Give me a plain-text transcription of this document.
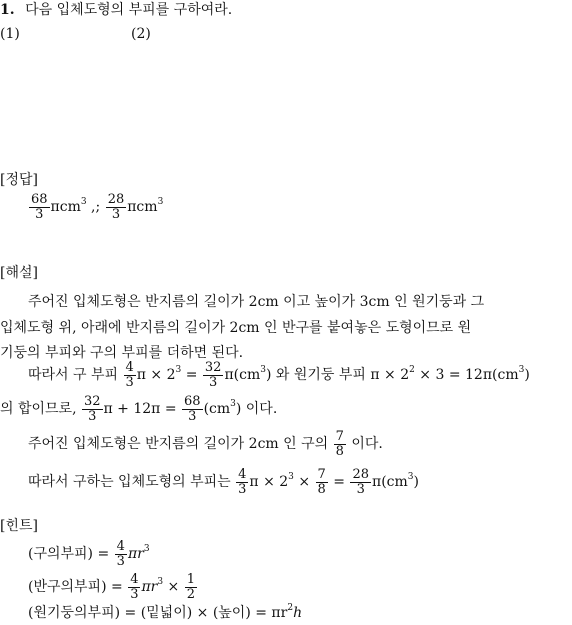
1. 다음 입체도형의 부피를 구하여라.
(1)	(2)
[정답]
$\frac{68}{3} \pi cm^3$ ,; $\frac{28}{3} \pi cm^3$
[해설]
주어진 입체도형은 반지름의 길이가 2cm 이고 높이가 3cm 인 원기둥과 그
입체도형 위, 아래에 반지름의 길이가 2cm 인 반구를 붙여놓은 도형이므로 원
기둥의 부피와 구의 부피를 더하면 된다.
따라서 구 부피 $\frac{4}{3}$ $\pi \times 2^3 = \frac{32}{3} \pi(cm^3)$ 와 원기둥 부피 $\pi \times 2^2 \times 3 = 12\pi(cm^3)$
의 합이므로, $\frac{32}{3}$ $\pi + 12\pi = \frac{68}{3} (cm^3)$ 이다.
주어진 입체도형은 반지름의 길이가 2cm 인 구의 $\frac{7}{8}$ 이다.
따라서 구하는 입체도형의 부피는 $\frac{4}{3}$ $\pi \times 2^3 \times \frac{7}{8} = \frac{28}{3} \pi(cm^3)$
[힌트]
(구의부피) = $\frac{4}{3} \pi r^3$
(반구의부피) = $\frac{4}{3} \pi r^3 \times \frac{1}{2}$
(원기둥의부피) = (밑넓이) × (높이) = $\pi r^2h$
